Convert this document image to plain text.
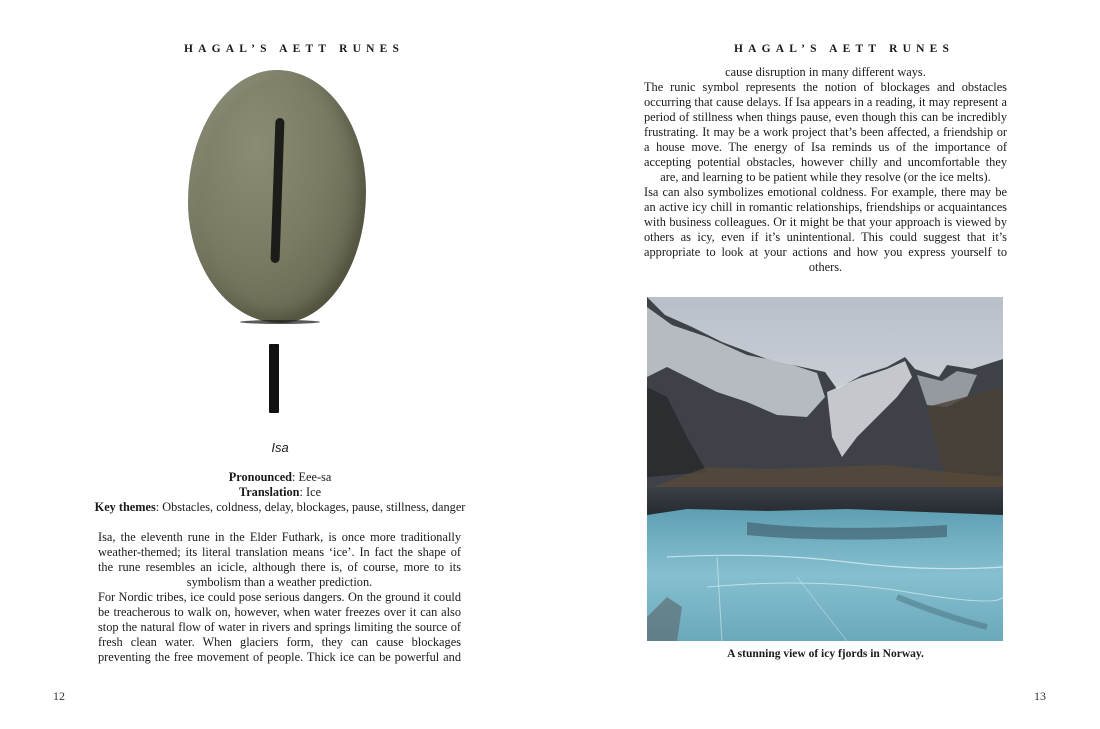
HAGAL’S AETT RUNES
Isa
Pronounced: Eee-sa
Translation: Ice
Key themes: Obstacles, coldness, delay, blockages, pause, stillness, danger

Isa, the eleventh rune in the Elder Futhark, is once more traditionally weather-themed; its literal translation means ‘ice’. In fact the shape of the rune resembles an icicle, although there is, of course, more to its symbolism than a weather prediction.

For Nordic tribes, ice could pose serious dangers. On the ground it could be treacherous to walk on, however, when water freezes over it can also stop the natural flow of water in rivers and springs limiting the source of fresh clean water. When glaciers form, they can cause blockages preventing the free movement of people. Thick ice can be powerful and

12
HAGAL’S AETT RUNES

cause disruption in many different ways.

The runic symbol represents the notion of blockages and obstacles occurring that cause delays. If Isa appears in a reading, it may represent a period of stillness when things pause, even though this can be incredibly frustrating. It may be a work project that’s been affected, a friendship or a house move. The energy of Isa reminds us of the importance of accepting potential obstacles, however chilly and uncomfortable they are, and learning to be patient while they resolve (or the ice melts).

Isa can also symbolizes emotional coldness. For example, there may be an active icy chill in romantic relationships, friendships or acquaintances with business colleagues. Or it might be that your approach is viewed by others as icy, even if it’s unintentional. This could suggest that it’s appropriate to look at your actions and how you express yourself to others.

A stunning view of icy fjords in Norway.
13
